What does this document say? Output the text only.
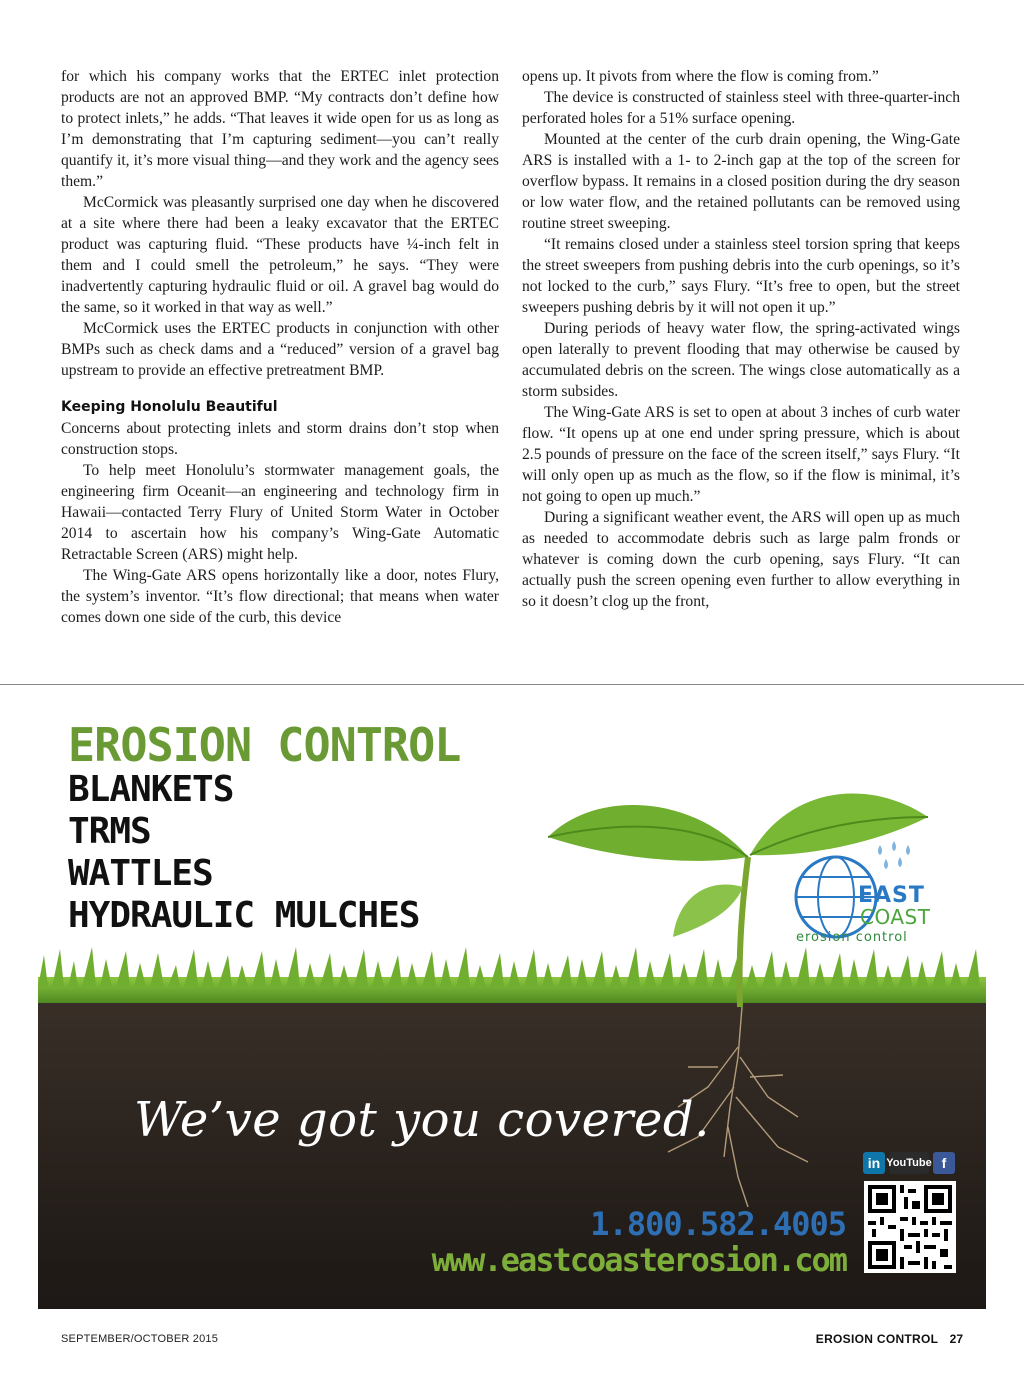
for which his company works that the ERTEC inlet protection products are not an approved BMP. “My contracts don’t define how to protect inlets,” he adds. “That leaves it wide open for us as long as I’m demonstrating that I’m capturing sediment—you can’t really quantify it, it’s more visual thing—and they work and the agency sees them.”

McCormick was pleasantly surprised one day when he discovered at a site where there had been a leaky excavator that the ERTEC product was capturing fluid. “These products have ¼-inch felt in them and I could smell the petroleum,” he says. “They were inadvertently capturing hydraulic fluid or oil. A gravel bag would do the same, so it worked in that way as well.”

McCormick uses the ERTEC products in conjunction with other BMPs such as check dams and a “reduced” version of a gravel bag upstream to provide an effective pretreatment BMP.

Keeping Honolulu Beautiful

Concerns about protecting inlets and storm drains don’t stop when construction stops.

To help meet Honolulu’s stormwater management goals, the engineering firm Oceanit—an engineering and technology firm in Hawaii—contacted Terry Flury of United Storm Water in October 2014 to ascertain how his company’s Wing-Gate Automatic Retractable Screen (ARS) might help.

The Wing-Gate ARS opens horizontally like a door, notes Flury, the system’s inventor. “It’s flow directional; that means when water comes down one side of the curb, this device

opens up. It pivots from where the flow is coming from.”

The device is constructed of stainless steel with three-quarter-inch perforated holes for a 51% surface opening.

Mounted at the center of the curb drain opening, the Wing-Gate ARS is installed with a 1- to 2-inch gap at the top of the screen for overflow bypass. It remains in a closed position during the dry season or low water flow, and the retained pollutants can be removed using routine street sweeping.

“It remains closed under a stainless steel torsion spring that keeps the street sweepers from pushing debris into the curb openings, so it’s not locked to the curb,” says Flury. “It’s free to open, but the street sweepers pushing debris by it will not open it up.”

During periods of heavy water flow, the spring-activated wings open laterally to prevent flooding that may otherwise be caused by accumulated debris on the screen. The wings close automatically as a storm subsides.

The Wing-Gate ARS is set to open at about 3 inches of curb water flow. “It opens up at one end under spring pressure, which is about 2.5 pounds of pressure on the face of the screen itself,” says Flury. “It will only open up as much as the flow, so if the flow is minimal, it’s not going to open up much.”

During a significant weather event, the ARS will open up as much as needed to accommodate debris such as large palm fronds or whatever is coming down the curb opening, says Flury. “It can actually push the screen opening even further to allow everything in so it doesn’t clog up the front,

EAST
COAST
erosion control
EROSION CONTROL
BLANKETS
TRMS
WATTLES
HYDRAULIC MULCHES
We’ve got you covered.
in YouTube f
1.800.582.4005
www.eastcoasterosion.com
SEPTEMBER/OCTOBER 2015	EROSION CONTROL 27
